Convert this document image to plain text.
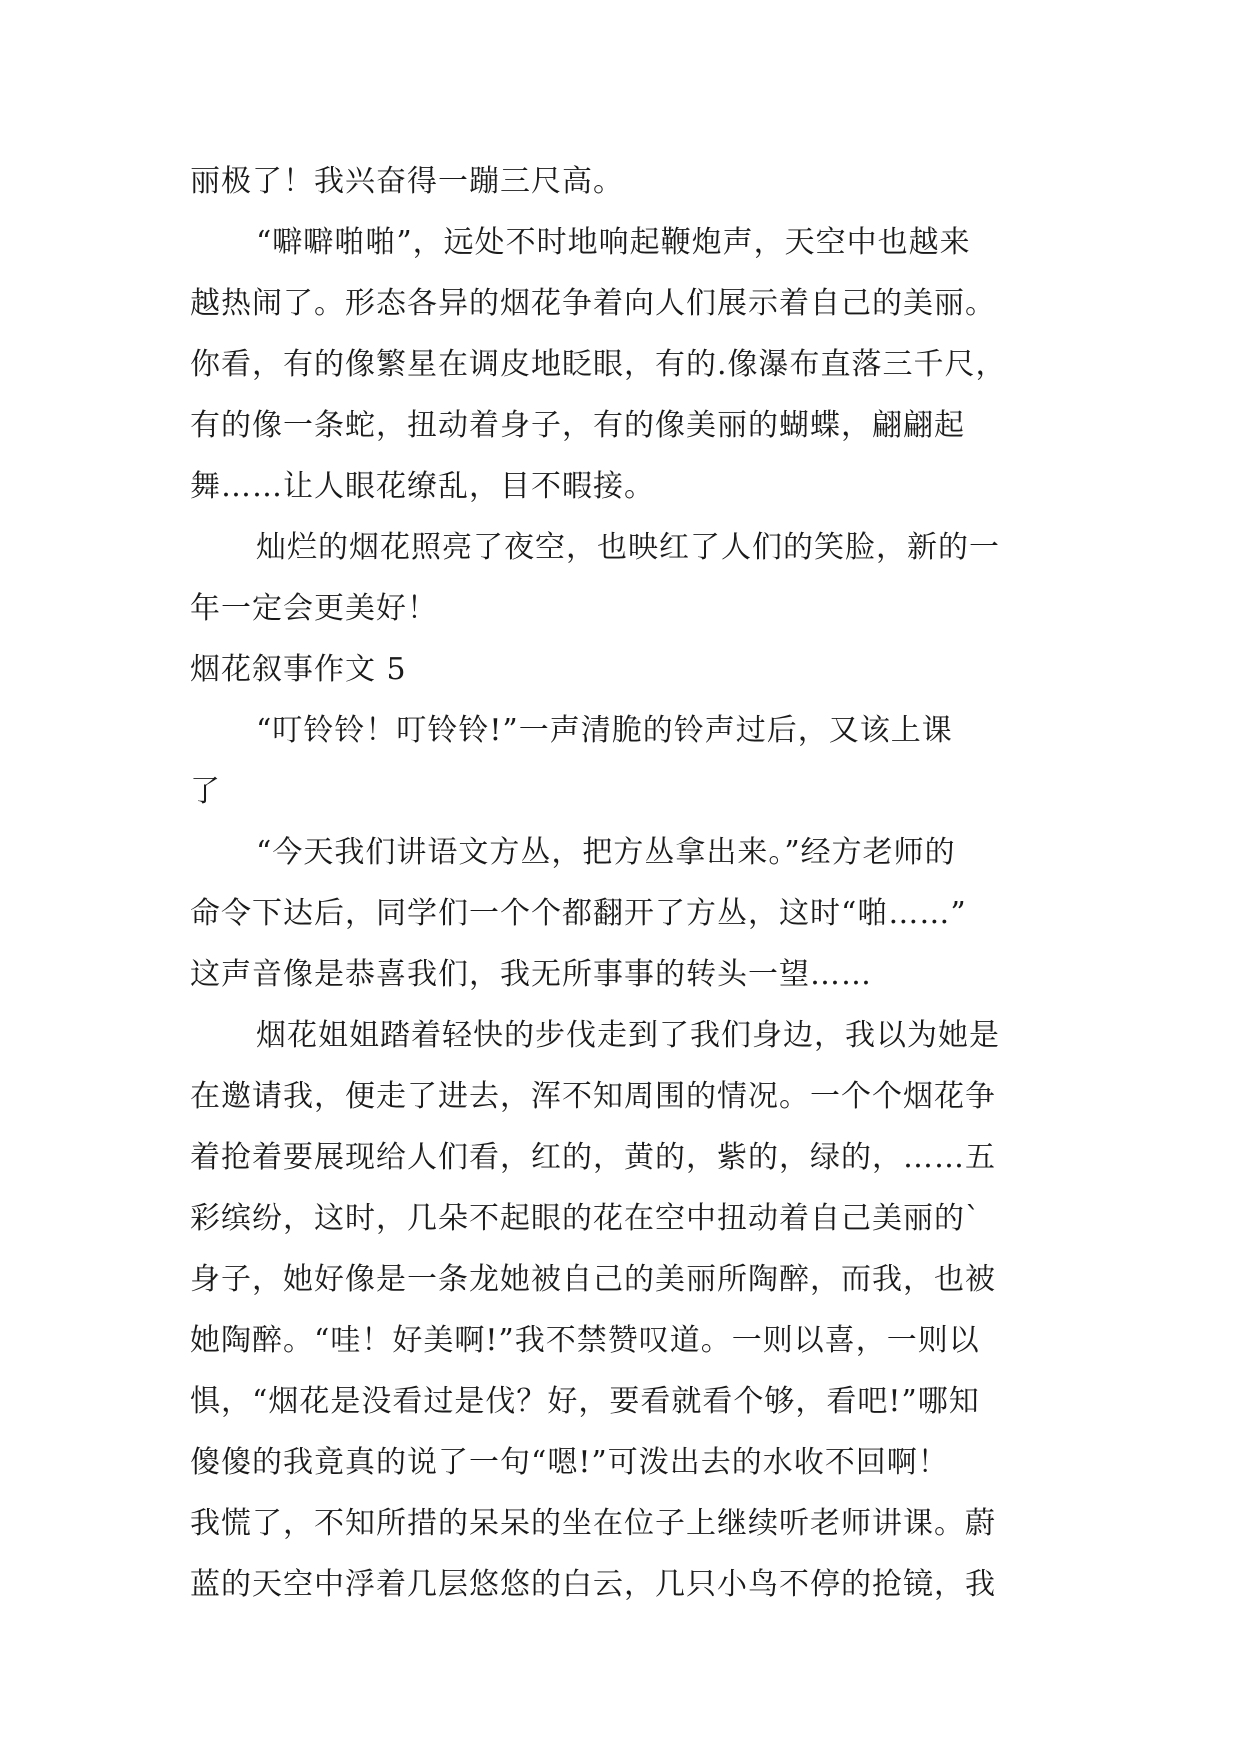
丽极了！我兴奋得一蹦三尺高。
“噼噼啪啪”，远处不时地响起鞭炮声，天空中也越来
越热闹了。形态各异的烟花争着向人们展示着自己的美丽。
你看，有的像繁星在调皮地眨眼，有的.像瀑布直落三千尺，
有的像一条蛇，扭动着身子，有的像美丽的蝴蝶，翩翩起
舞……让人眼花缭乱，目不暇接。
灿烂的烟花照亮了夜空，也映红了人们的笑脸，新的一
年一定会更美好！
烟花叙事作文 5
“叮铃铃！叮铃铃!”一声清脆的铃声过后，又该上课
了
“今天我们讲语文方丛，把方丛拿出来。”经方老师的
命令下达后，同学们一个个都翻开了方丛，这时“啪……”
这声音像是恭喜我们，我无所事事的转头一望……
烟花姐姐踏着轻快的步伐走到了我们身边，我以为她是
在邀请我，便走了进去，浑不知周围的情况。一个个烟花争
着抢着要展现给人们看，红的，黄的，紫的，绿的，……五
彩缤纷，这时，几朵不起眼的花在空中扭动着自己美丽的`
身子，她好像是一条龙她被自己的美丽所陶醉，而我，也被
她陶醉。“哇！好美啊!”我不禁赞叹道。一则以喜，一则以
惧，“烟花是没看过是伐？好，要看就看个够，看吧!”哪知
傻傻的我竟真的说了一句“嗯!”可泼出去的水收不回啊！
我慌了，不知所措的呆呆的坐在位子上继续听老师讲课。蔚
蓝的天空中浮着几层悠悠的白云，几只小鸟不停的抢镜，我
